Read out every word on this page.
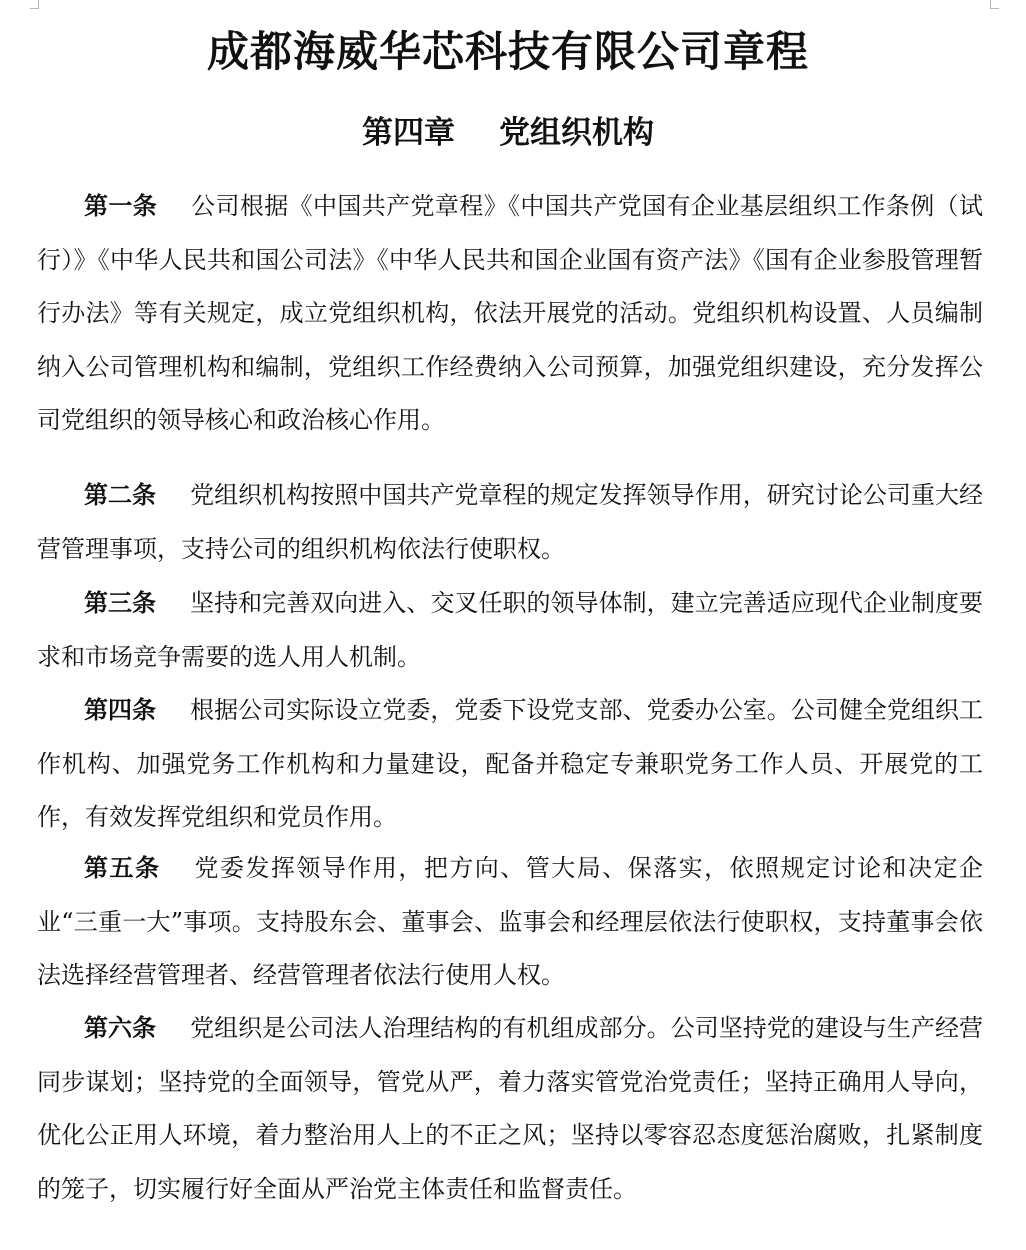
成都海威华芯科技有限公司章程
第四章 党组织机构

第一条 公司根据《中国共产党章程》《中国共产党国有企业基层组织工作条例（试行）》《中华人民共和国公司法》《中华人民共和国企业国有资产法》《国有企业参股管理暂行办法》等有关规定，成立党组织机构，依法开展党的活动。党组织机构设置、人员编制纳入公司管理机构和编制，党组织工作经费纳入公司预算，加强党组织建设，充分发挥公司党组织的领导核心和政治核心作用。

第二条 党组织机构按照中国共产党章程的规定发挥领导作用，研究讨论公司重大经营管理事项，支持公司的组织机构依法行使职权。

第三条 坚持和完善双向进入、交叉任职的领导体制，建立完善适应现代企业制度要求和市场竞争需要的选人用人机制。

第四条 根据公司实际设立党委，党委下设党支部、党委办公室。公司健全党组织工作机构、加强党务工作机构和力量建设，配备并稳定专兼职党务工作人员、开展党的工作，有效发挥党组织和党员作用。

第五条 党委发挥领导作用，把方向、管大局、保落实，依照规定讨论和决定企业“三重一大”事项。支持股东会、董事会、监事会和经理层依法行使职权，支持董事会依法选择经营管理者、经营管理者依法行使用人权。

第六条 党组织是公司法人治理结构的有机组成部分。公司坚持党的建设与生产经营同步谋划；坚持党的全面领导，管党从严，着力落实管党治党责任；坚持正确用人导向，优化公正用人环境，着力整治用人上的不正之风；坚持以零容忍态度惩治腐败，扎紧制度的笼子，切实履行好全面从严治党主体责任和监督责任。
